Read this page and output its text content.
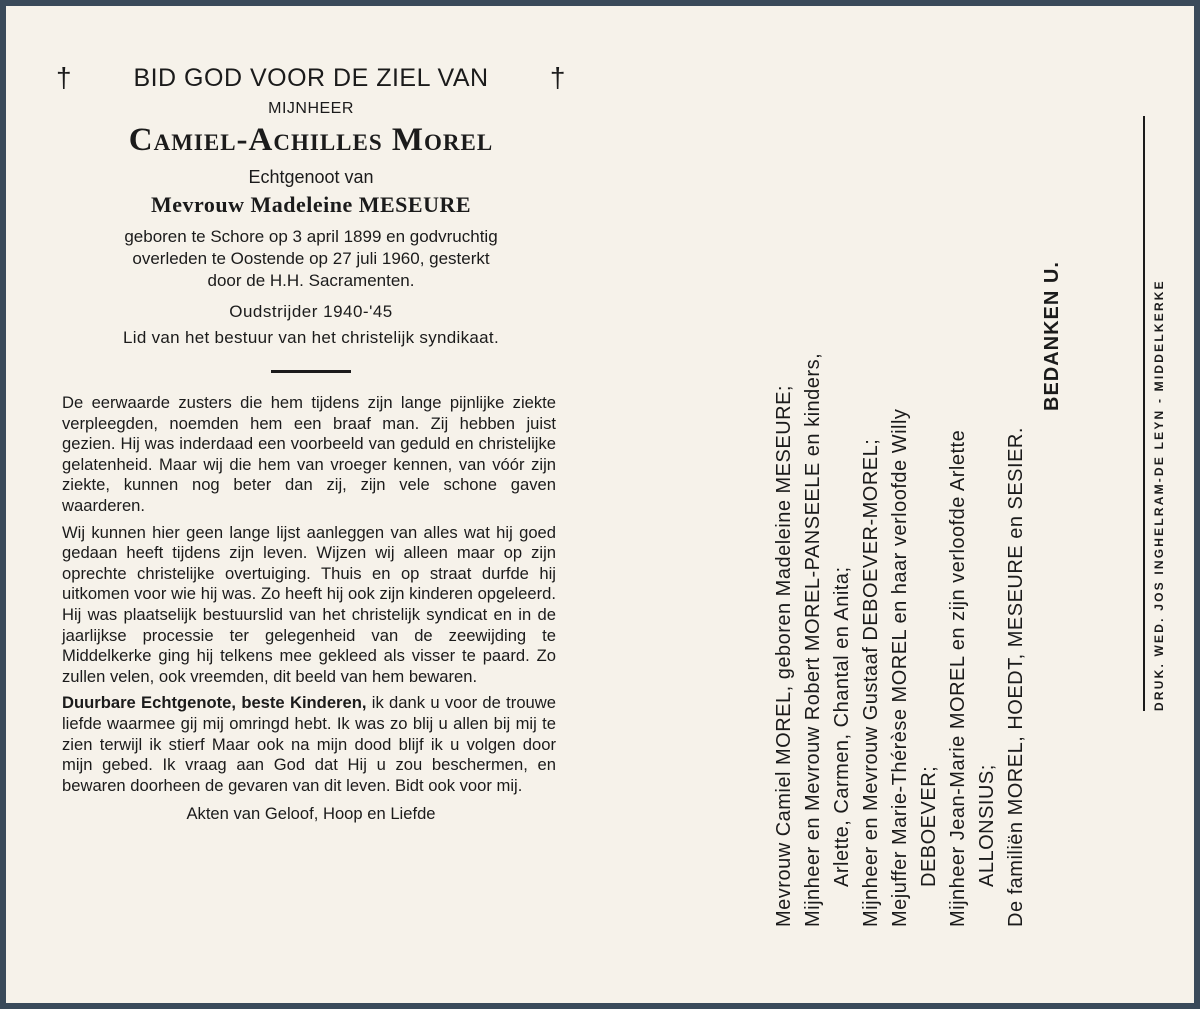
† BID GOD VOOR DE ZIEL VAN †
MIJNHEER
Camiel-Achilles Morel
Echtgenoot van
Mevrouw Madeleine MESEURE
geboren te Schore op 3 april 1899 en godvruchtig
overleden te Oostende op 27 juli 1960, gesterkt
door de H.H. Sacramenten.
Oudstrijder 1940-'45
Lid van het bestuur van het christelijk syndikaat.
De eerwaarde zusters die hem tijdens zijn lange pijnlijke ziekte verpleegden, noemden hem een braaf man. Zij hebben juist gezien. Hij was inderdaad een voorbeeld van geduld en christelijke gelatenheid. Maar wij die hem van vroeger kennen, van vóór zijn ziekte, kunnen nog beter dan zij, zijn vele schone gaven waarderen.
Wij kunnen hier geen lange lijst aanleggen van alles wat hij goed gedaan heeft tijdens zijn leven. Wijzen wij alleen maar op zijn oprechte christelijke overtuiging. Thuis en op straat durfde hij uitkomen voor wie hij was. Zo heeft hij ook zijn kinderen opgeleerd. Hij was plaatselijk bestuurslid van het christelijk syndicat en in de jaarlijkse processie ter gelegenheid van de zeewijding te Middelkerke ging hij telkens mee gekleed als visser te paard. Zo zullen velen, ook vreemden, dit beeld van hem bewaren.
Duurbare Echtgenote, beste Kinderen, ik dank u voor de trouwe liefde waarmee gij mij omringd hebt. Ik was zo blij u allen bij mij te zien terwijl ik stierf Maar ook na mijn dood blijf ik u volgen door mijn gebed. Ik vraag aan God dat Hij u zou beschermen, en bewaren doorheen de gevaren van dit leven. Bidt ook voor mij.
Akten van Geloof, Hoop en Liefde	Mevrouw Camiel MOREL, geboren Madeleine MESEURE; Mijnheer en Mevrouw Robert MOREL-PANSEELE en kinders, Arlette, Carmen, Chantal en Anita; Mijnheer en Mevrouw Gustaaf DEBOEVER-MOREL; Mejuffer Marie-Thérèse MOREL en haar verloofde Willy DEBOEVER; Mijnheer Jean-Marie MOREL en zijn verloofde Arlette ALLONSIUS; De familiën MOREL, HOEDT, MESEURE en SESIER.
BEDANKEN U.	DRUK. WED. JOS INGHELRAM-DE LEYN - MIDDELKERKE
